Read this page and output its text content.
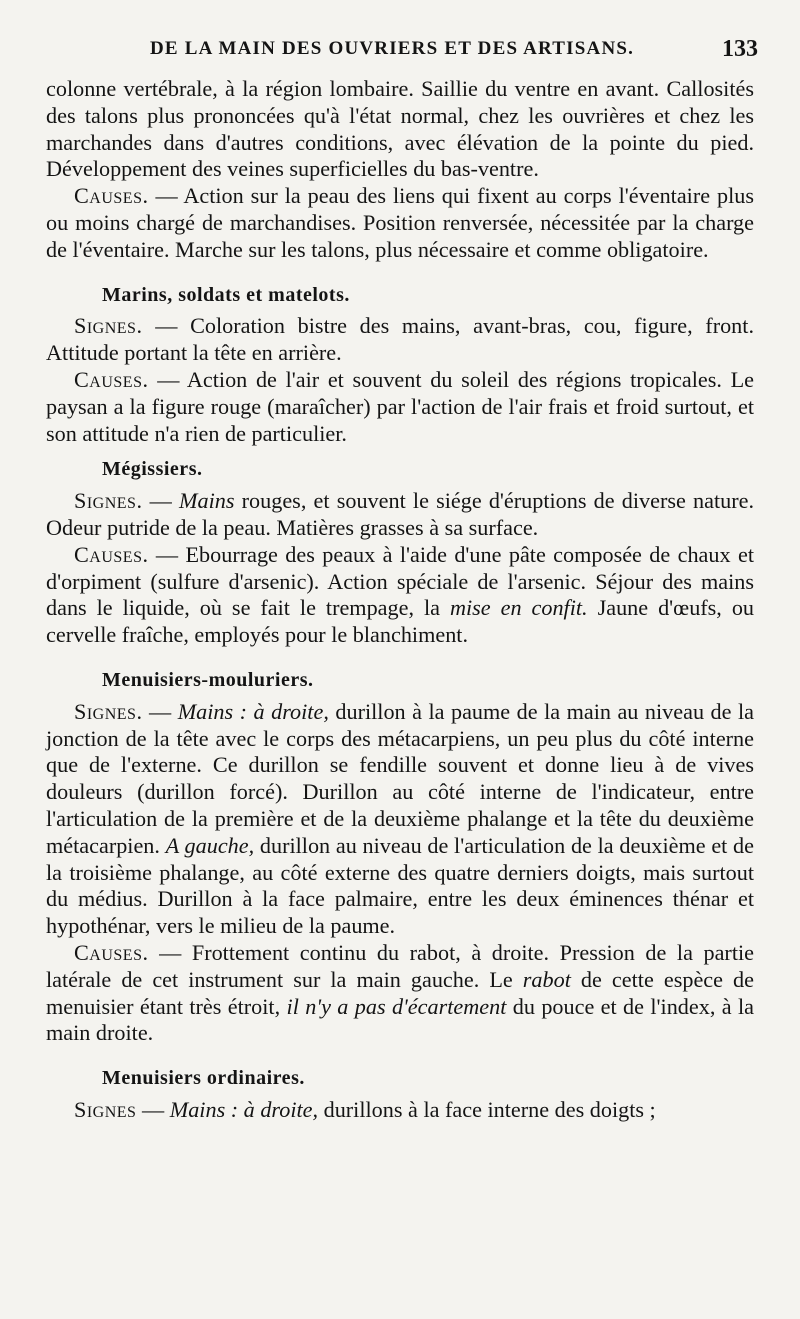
DE LA MAIN DES OUVRIERS ET DES ARTISANS.	133

colonne vertébrale, à la région lombaire. Saillie du ventre en avant. Callosités des talons plus prononcées qu'à l'état normal, chez les ouvrières et chez les marchandes dans d'autres conditions, avec élévation de la pointe du pied. Développement des veines superficielles du bas-ventre.

Causes. — Action sur la peau des liens qui fixent au corps l'éventaire plus ou moins chargé de marchandises. Position renversée, nécessitée par la charge de l'éventaire. Marche sur les talons, plus nécessaire et comme obligatoire.

Marins, soldats et matelots.

Signes. — Coloration bistre des mains, avant-bras, cou, figure, front. Attitude portant la tête en arrière.

Causes. — Action de l'air et souvent du soleil des régions tropicales. Le paysan a la figure rouge (maraîcher) par l'action de l'air frais et froid surtout, et son attitude n'a rien de particulier.

Mégissiers.

Signes. — Mains rouges, et souvent le siége d'éruptions de diverse nature. Odeur putride de la peau. Matières grasses à sa surface.

Causes. — Ebourrage des peaux à l'aide d'une pâte composée de chaux et d'orpiment (sulfure d'arsenic). Action spéciale de l'arsenic. Séjour des mains dans le liquide, où se fait le trempage, la mise en confit. Jaune d'œufs, ou cervelle fraîche, employés pour le blanchiment.

Menuisiers-mouluriers.

Signes. — Mains : à droite, durillon à la paume de la main au niveau de la jonction de la tête avec le corps des métacarpiens, un peu plus du côté interne que de l'externe. Ce durillon se fendille souvent et donne lieu à de vives douleurs (durillon forcé). Durillon au côté interne de l'indicateur, entre l'articulation de la première et de la deuxième phalange et la tête du deuxième métacarpien. A gauche, durillon au niveau de l'articulation de la deuxième et de la troisième phalange, au côté externe des quatre derniers doigts, mais surtout du médius. Durillon à la face palmaire, entre les deux éminences thénar et hypothénar, vers le milieu de la paume.

Causes. — Frottement continu du rabot, à droite. Pression de la partie latérale de cet instrument sur la main gauche. Le rabot de cette espèce de menuisier étant très étroit, il n'y a pas d'écartement du pouce et de l'index, à la main droite.

Menuisiers ordinaires.

Signes — Mains : à droite, durillons à la face interne des doigts ;
